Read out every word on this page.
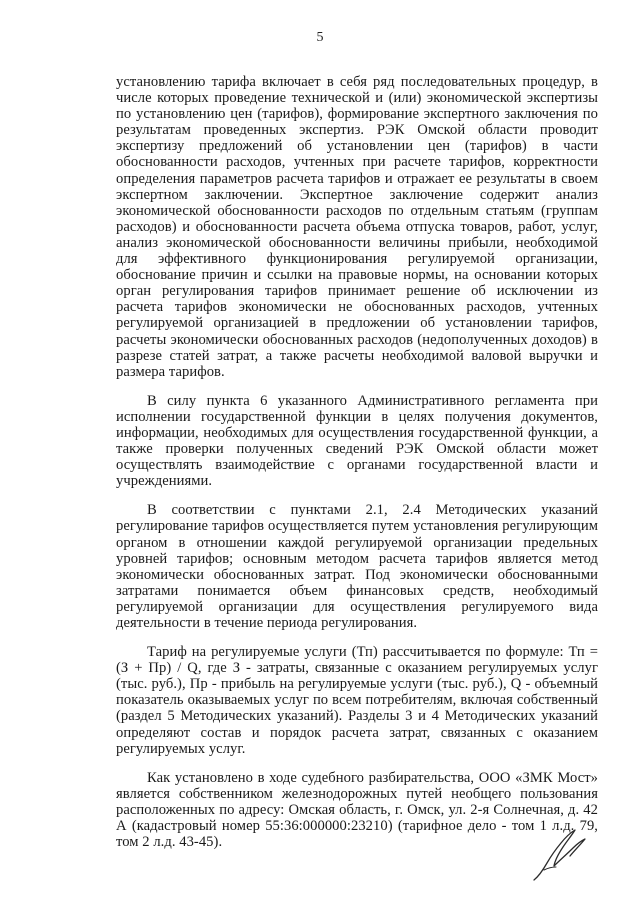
5

установлению тарифа включает в себя ряд последовательных процедур, в числе которых проведение технической и (или) экономической экспертизы по установлению цен (тарифов), формирование экспертного заключения по результатам проведенных экспертиз. РЭК Омской области проводит экспертизу предложений об установлении цен (тарифов) в части обоснованности расходов, учтенных при расчете тарифов, корректности определения параметров расчета тарифов и отражает ее результаты в своем экспертном заключении. Экспертное заключение содержит анализ экономической обоснованности расходов по отдельным статьям (группам расходов) и обоснованности расчета объема отпуска товаров, работ, услуг, анализ экономической обоснованности величины прибыли, необходимой для эффективного функционирования регулируемой организации, обоснование причин и ссылки на правовые нормы, на основании которых орган регулирования тарифов принимает решение об исключении из расчета тарифов экономически не обоснованных расходов, учтенных регулируемой организацией в предложении об установлении тарифов, расчеты экономически обоснованных расходов (недополученных доходов) в разрезе статей затрат, а также расчеты необходимой валовой выручки и размера тарифов.

В силу пункта 6 указанного Административного регламента при исполнении государственной функции в целях получения документов, информации, необходимых для осуществления государственной функции, а также проверки полученных сведений РЭК Омской области может осуществлять взаимодействие с органами государственной власти и учреждениями.

В соответствии с пунктами 2.1, 2.4 Методических указаний регулирование тарифов осуществляется путем установления регулирующим органом в отношении каждой регулируемой организации предельных уровней тарифов; основным методом расчета тарифов является метод экономически обоснованных затрат. Под экономически обоснованными затратами понимается объем финансовых средств, необходимый регулируемой организации для осуществления регулируемого вида деятельности в течение периода регулирования.

Тариф на регулируемые услуги (Тп) рассчитывается по формуле: Тп = (З + Пр) / Q, где З - затраты, связанные с оказанием регулируемых услуг (тыс. руб.), Пр - прибыль на регулируемые услуги (тыс. руб.), Q - объемный показатель оказываемых услуг по всем потребителям, включая собственный (раздел 5 Методических указаний). Разделы 3 и 4 Методических указаний определяют состав и порядок расчета затрат, связанных с оказанием регулируемых услуг.

Как установлено в ходе судебного разбирательства, ООО «ЗМК Мост» является собственником железнодорожных путей необщего пользования расположенных по адресу: Омская область, г. Омск, ул. 2-я Солнечная, д. 42 А (кадастровый номер 55:36:000000:23210) (тарифное дело - том 1 л.д. 79, том 2 л.д. 43-45).
